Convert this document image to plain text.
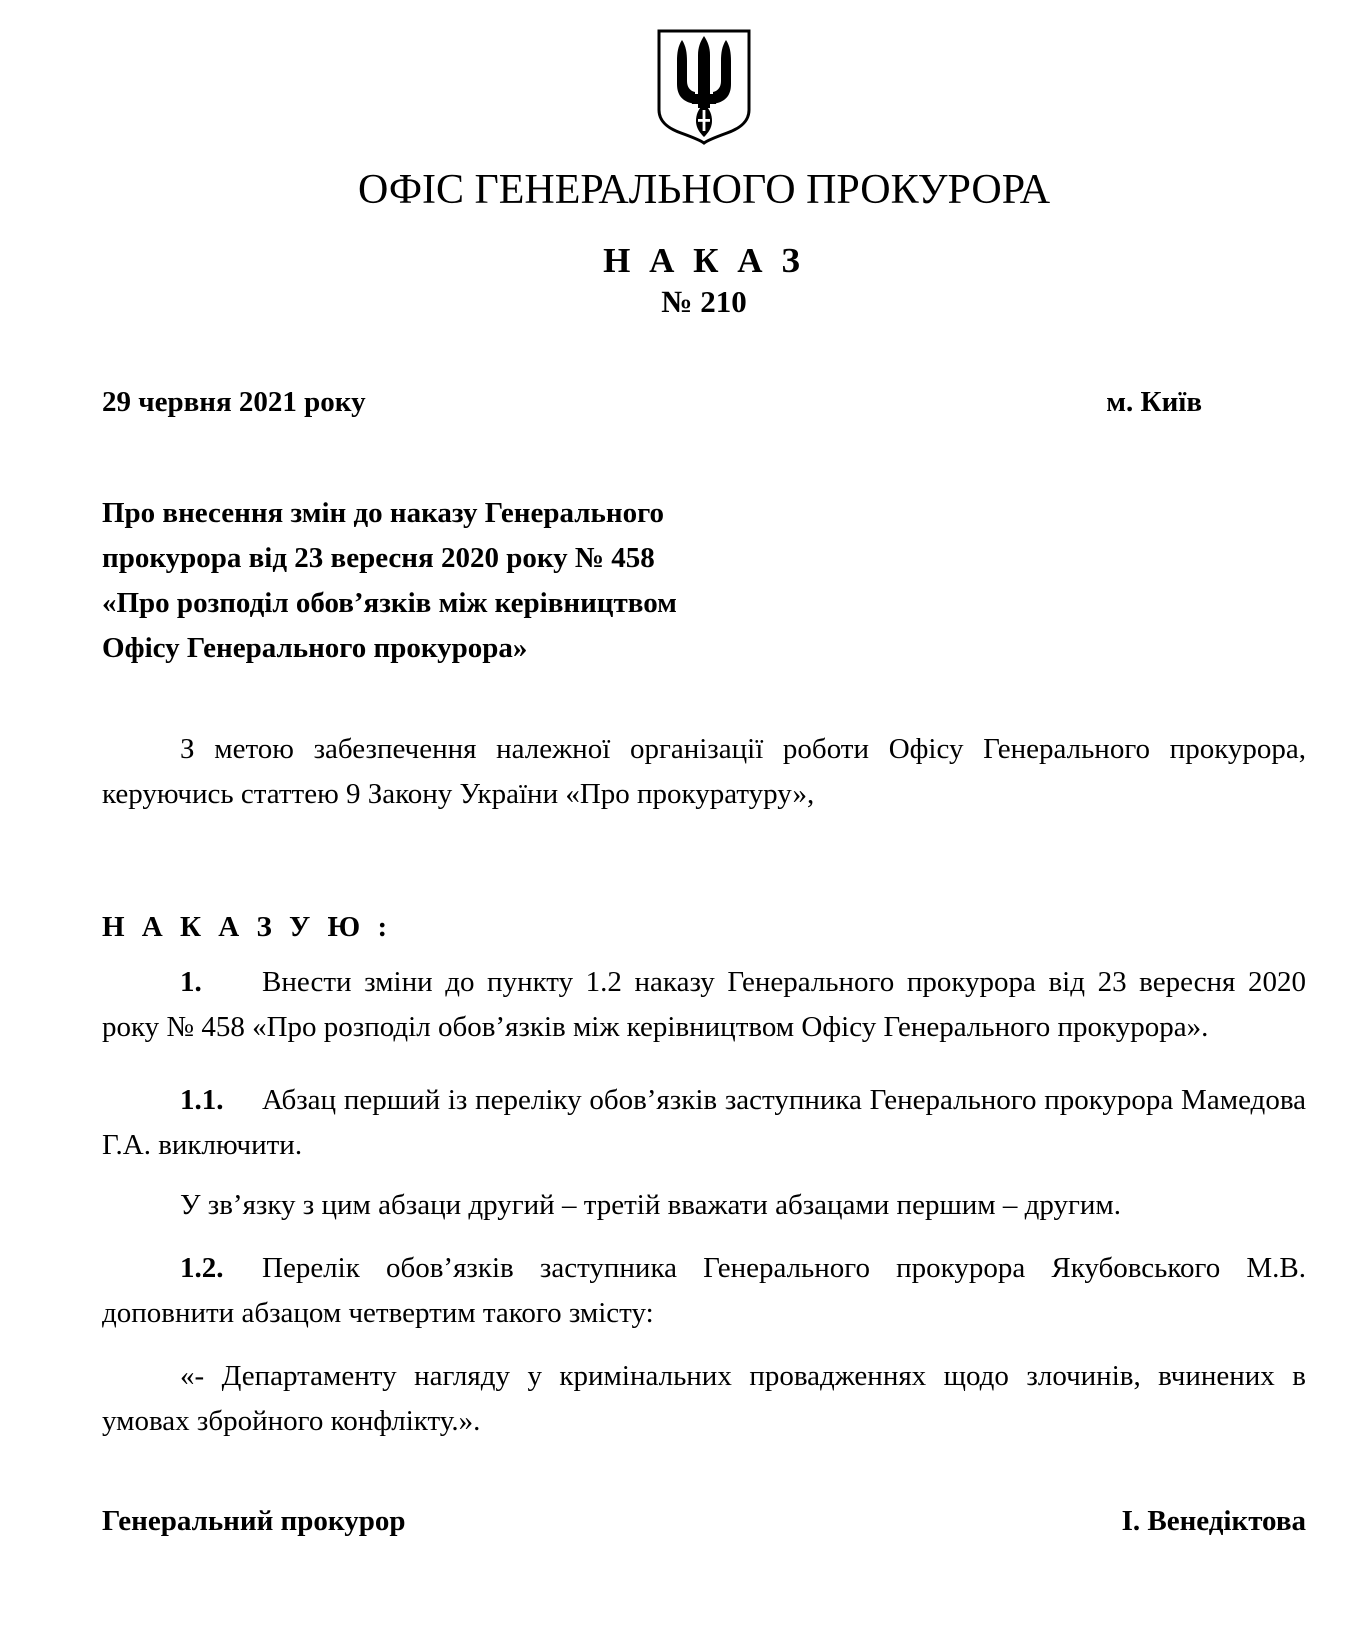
ОФІС ГЕНЕРАЛЬНОГО ПРОКУРОРА
Н А К А З
№ 210
29 червня 2021 року	м. Київ
Про внесення змін до наказу Генерального
прокурора від 23 вересня 2020 року № 458
«Про розподіл обов’язків між керівництвом
Офісу Генерального прокурора»

З метою забезпечення належної організації роботи Офісу Генерального прокурора, керуючись статтею 9 Закону України «Про прокуратуру»,

Н А К А З У Ю :

1. Внести зміни до пункту 1.2 наказу Генерального прокурора від 23 вересня 2020 року № 458 «Про розподіл обов’язків між керівництвом Офісу Генерального прокурора».

1.1. Абзац перший із переліку обов’язків заступника Генерального прокурора Мамедова Г.А. виключити.

У зв’язку з цим абзаци другий – третій вважати абзацами першим – другим.

1.2. Перелік обов’язків заступника Генерального прокурора Якубовського М.В. доповнити абзацом четвертим такого змісту:

«- Департаменту нагляду у кримінальних провадженнях щодо злочинів, вчинених в умовах збройного конфлікту.».

Генеральний прокурор	І. Венедіктова
